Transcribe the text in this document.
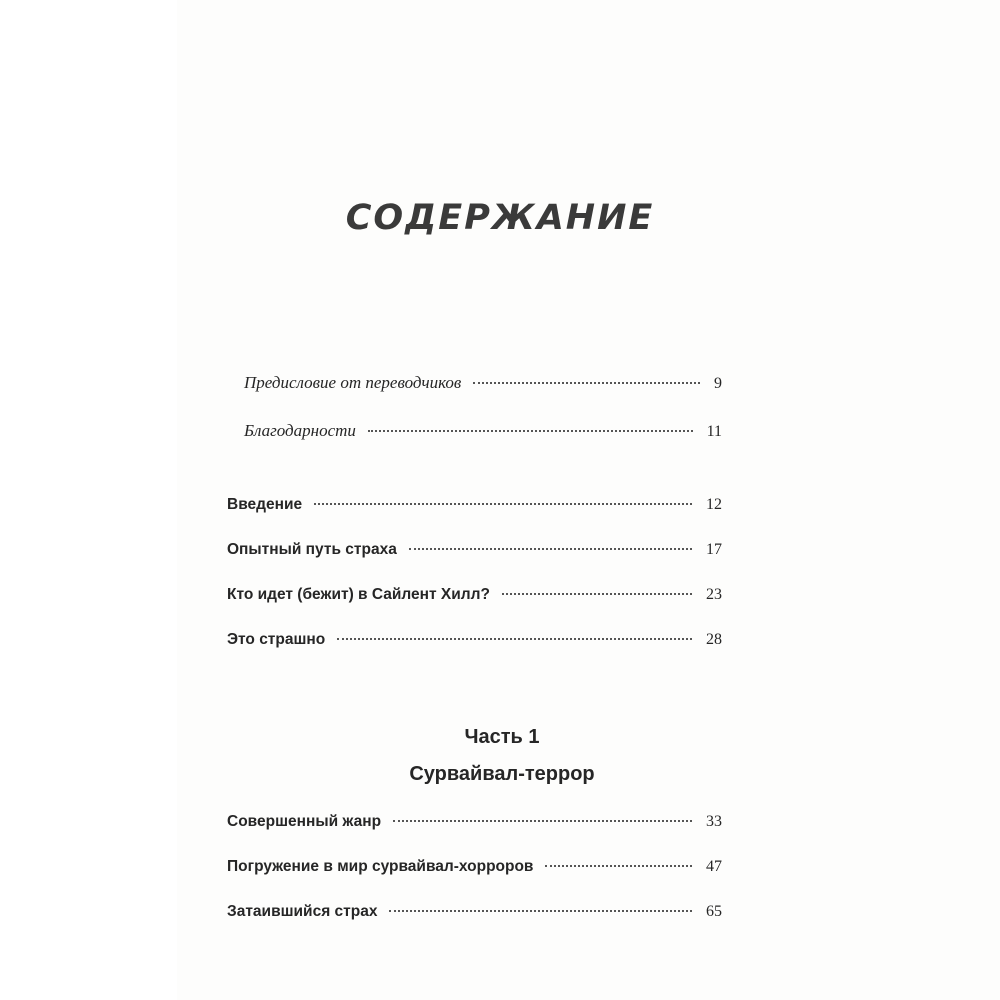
СОДЕРЖАНИЕ
Предисловие от переводчиков	9
Благодарности	11
Введение	12
Опытный путь страха	17
Кто идет (бежит) в Сайлент Хилл?	23
Это страшно	28
Часть 1
Сурвайвал-террор
Совершенный жанр	33
Погружение в мир сурвайвал-хорроров	47
Затаившийся страх	65
